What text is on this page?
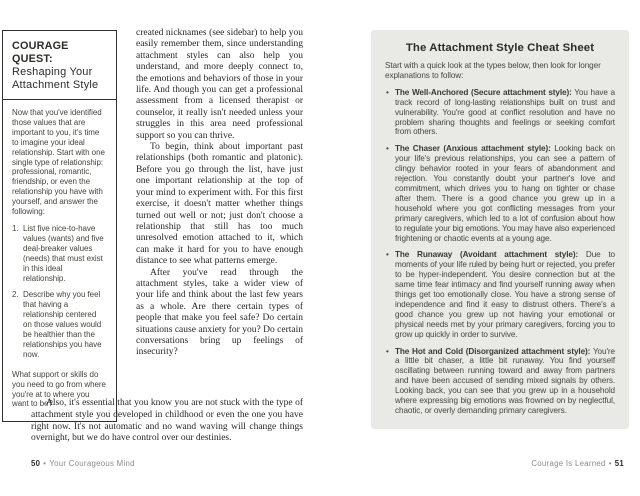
COURAGE QUEST:
Reshaping Your Attachment Style

Now that you've identified those values that are important to you, it's time to imagine your ideal relationship. Start with one single type of relationship: professional, romantic, friendship, or even the relationship you have with yourself, and answer the following:

1. List five nice-to-have values (wants) and five deal-breaker values (needs) that must exist in this ideal relationship.
2. Describe why you feel that having a relationship centered on those values would be healthier than the relationships you have now.

What support or skills do you need to go from where you're at to where you want to be?

created nicknames (see sidebar) to help you easily remember them, since understanding attachment styles can also help you understand, and more deeply connect to, the emotions and behaviors of those in your life. And though you can get a professional assessment from a licensed therapist or counselor, it really isn't needed unless your struggles in this area need professional support so you can thrive.

To begin, think about important past relationships (both romantic and platonic). Before you go through the list, have just one important relationship at the top of your mind to experiment with. For this first exercise, it doesn't matter whether things turned out well or not; just don't choose a relationship that still has too much unresolved emotion attached to it, which can make it hard for you to have enough distance to see what patterns emerge.

After you've read through the attachment styles, take a wider view of your life and think about the last few years as a whole. Are there certain types of people that make you feel safe? Do certain situations cause anxiety for you? Do certain conversations bring up feelings of insecurity?

Also, it's essential that you know you are not stuck with the type of attachment style you developed in childhood or even the one you have right now. It's not automatic and no wand waving will change things overnight, but we do have control over our destinies.

50 • Your Courageous Mind
The Attachment Style Cheat Sheet

Start with a quick look at the types below, then look for longer explanations to follow:

• The Well-Anchored (Secure attachment style): You have a track record of long-lasting relationships built on trust and vulnerability. You're good at conflict resolution and have no problem sharing thoughts and feelings or seeking comfort from others.
• The Chaser (Anxious attachment style): Looking back on your life's previous relationships, you can see a pattern of clingy behavior rooted in your fears of abandonment and rejection. You constantly doubt your partner's love and commitment, which drives you to hang on tighter or chase after them. There is a good chance you grew up in a household where you got conflicting messages from your primary caregivers, which led to a lot of confusion about how to regulate your big emotions. You may have also experienced frightening or chaotic events at a young age.
• The Runaway (Avoidant attachment style): Due to moments of your life ruled by being hurt or rejected, you prefer to be hyper-independent. You desire connection but at the same time fear intimacy and find yourself running away when things get too emotionally close. You have a strong sense of independence and find it easy to distrust others. There's a good chance you grew up not having your emotional or physical needs met by your primary caregivers, forcing you to grow up quickly in order to survive.
• The Hot and Cold (Disorganized attachment style): You're a little bit chaser, a little bit runaway. You find yourself oscillating between running toward and away from partners and have been accused of sending mixed signals by others. Looking back, you can see that you grew up in a household where expressing big emotions was frowned on by neglectful, chaotic, or overly demanding primary caregivers.
Courage Is Learned • 51
